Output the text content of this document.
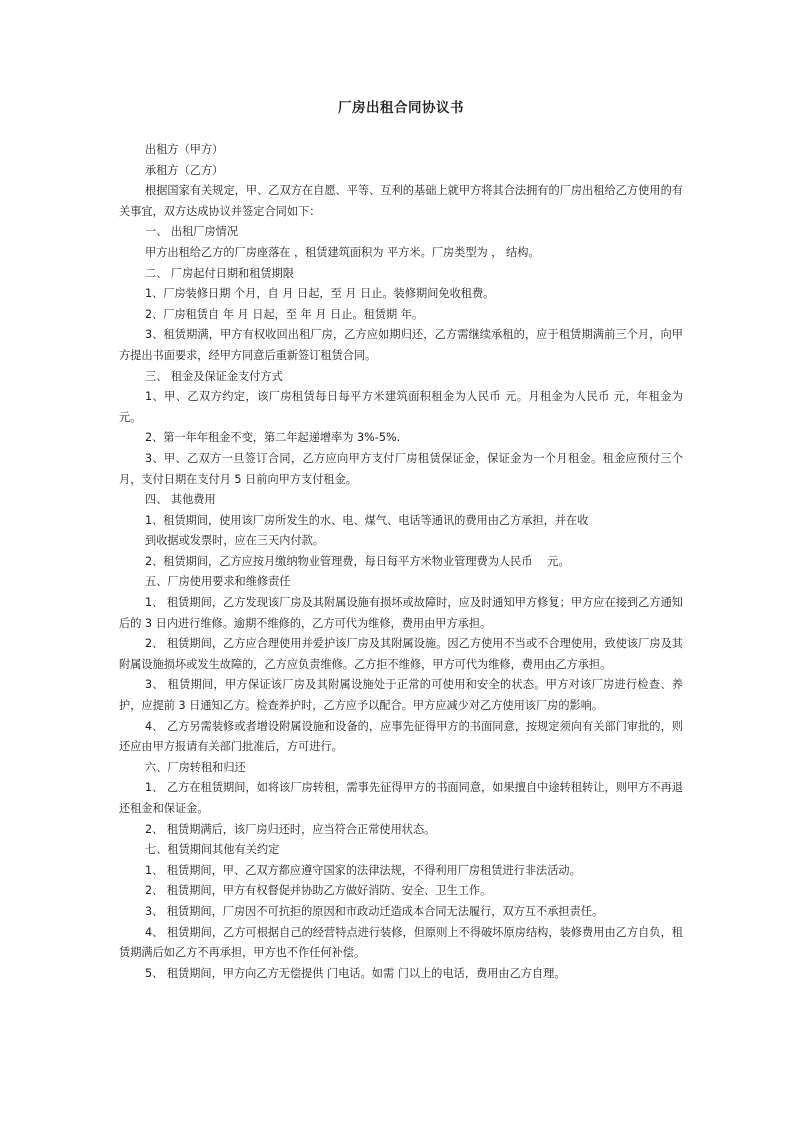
厂房出租合同协议书

出租方（甲方）

承租方（乙方）

根据国家有关规定，甲、乙双方在自愿、平等、互利的基础上就甲方将其合法拥有的厂房出租给乙方使用的有关事宜，双方达成协议并签定合同如下：

一、 出租厂房情况

甲方出租给乙方的厂房座落在 ，租赁建筑面积为 平方米。厂房类型为 ， 结构。

二、 厂房起付日期和租赁期限

1、厂房装修日期 个月，自 月 日起，至 月 日止。装修期间免收租费。

2、厂房租赁自 年 月 日起，至 年 月 日止。租赁期 年。

3、租赁期满，甲方有权收回出租厂房，乙方应如期归还，乙方需继续承租的，应于租赁期满前三个月，向甲方提出书面要求，经甲方同意后重新签订租赁合同。

三、 租金及保证金支付方式

1、甲、乙双方约定，该厂房租赁每日每平方米建筑面积租金为人民币 元。月租金为人民币 元，年租金为 元。

2、第一年年租金不变，第二年起递增率为 3%-5%.

3、甲、乙双方一旦签订合同，乙方应向甲方支付厂房租赁保证金，保证金为一个月租金。租金应预付三个月，支付日期在支付月 5 日前向甲方支付租金。

四、 其他费用

1、租赁期间，使用该厂房所发生的水、电、煤气、电话等通讯的费用由乙方承担，并在收

到收据或发票时，应在三天内付款。

2、租赁期间，乙方应按月缴纳物业管理费，每日每平方米物业管理费为人民币 　元。

五、厂房使用要求和维修责任

1、 租赁期间，乙方发现该厂房及其附属设施有损坏或故障时，应及时通知甲方修复；甲方应在接到乙方通知后的 3 日内进行维修。逾期不维修的，乙方可代为维修，费用由甲方承担。

2、 租赁期间，乙方应合理使用并爱护该厂房及其附属设施。因乙方使用不当或不合理使用，致使该厂房及其附属设施损坏或发生故障的，乙方应负责维修。乙方拒不维修，甲方可代为维修，费用由乙方承担。

3、 租赁期间，甲方保证该厂房及其附属设施处于正常的可使用和安全的状态。甲方对该厂房进行检查、养护，应提前 3 日通知乙方。检查养护时，乙方应予以配合。甲方应减少对乙方使用该厂房的影响。

4、 乙方另需装修或者增设附属设施和设备的，应事先征得甲方的书面同意，按规定须向有关部门审批的，则还应由甲方报请有关部门批准后，方可进行。

六、厂房转租和归还

1、 乙方在租赁期间，如将该厂房转租，需事先征得甲方的书面同意，如果擅自中途转租转让，则甲方不再退还租金和保证金。

2、 租赁期满后，该厂房归还时，应当符合正常使用状态。

七、租赁期间其他有关约定

1、 租赁期间，甲、乙双方都应遵守国家的法律法规，不得利用厂房租赁进行非法活动。

2、 租赁期间，甲方有权督促并协助乙方做好消防、安全、卫生工作。

3、 租赁期间，厂房因不可抗拒的原因和市政动迁造成本合同无法履行，双方互不承担责任。

4、 租赁期间，乙方可根据自己的经营特点进行装修，但原则上不得破坏原房结构，装修费用由乙方自负，租赁期满后如乙方不再承担，甲方也不作任何补偿。

5、 租赁期间，甲方向乙方无偿提供 门电话。如需 门以上的电话，费用由乙方自理。
